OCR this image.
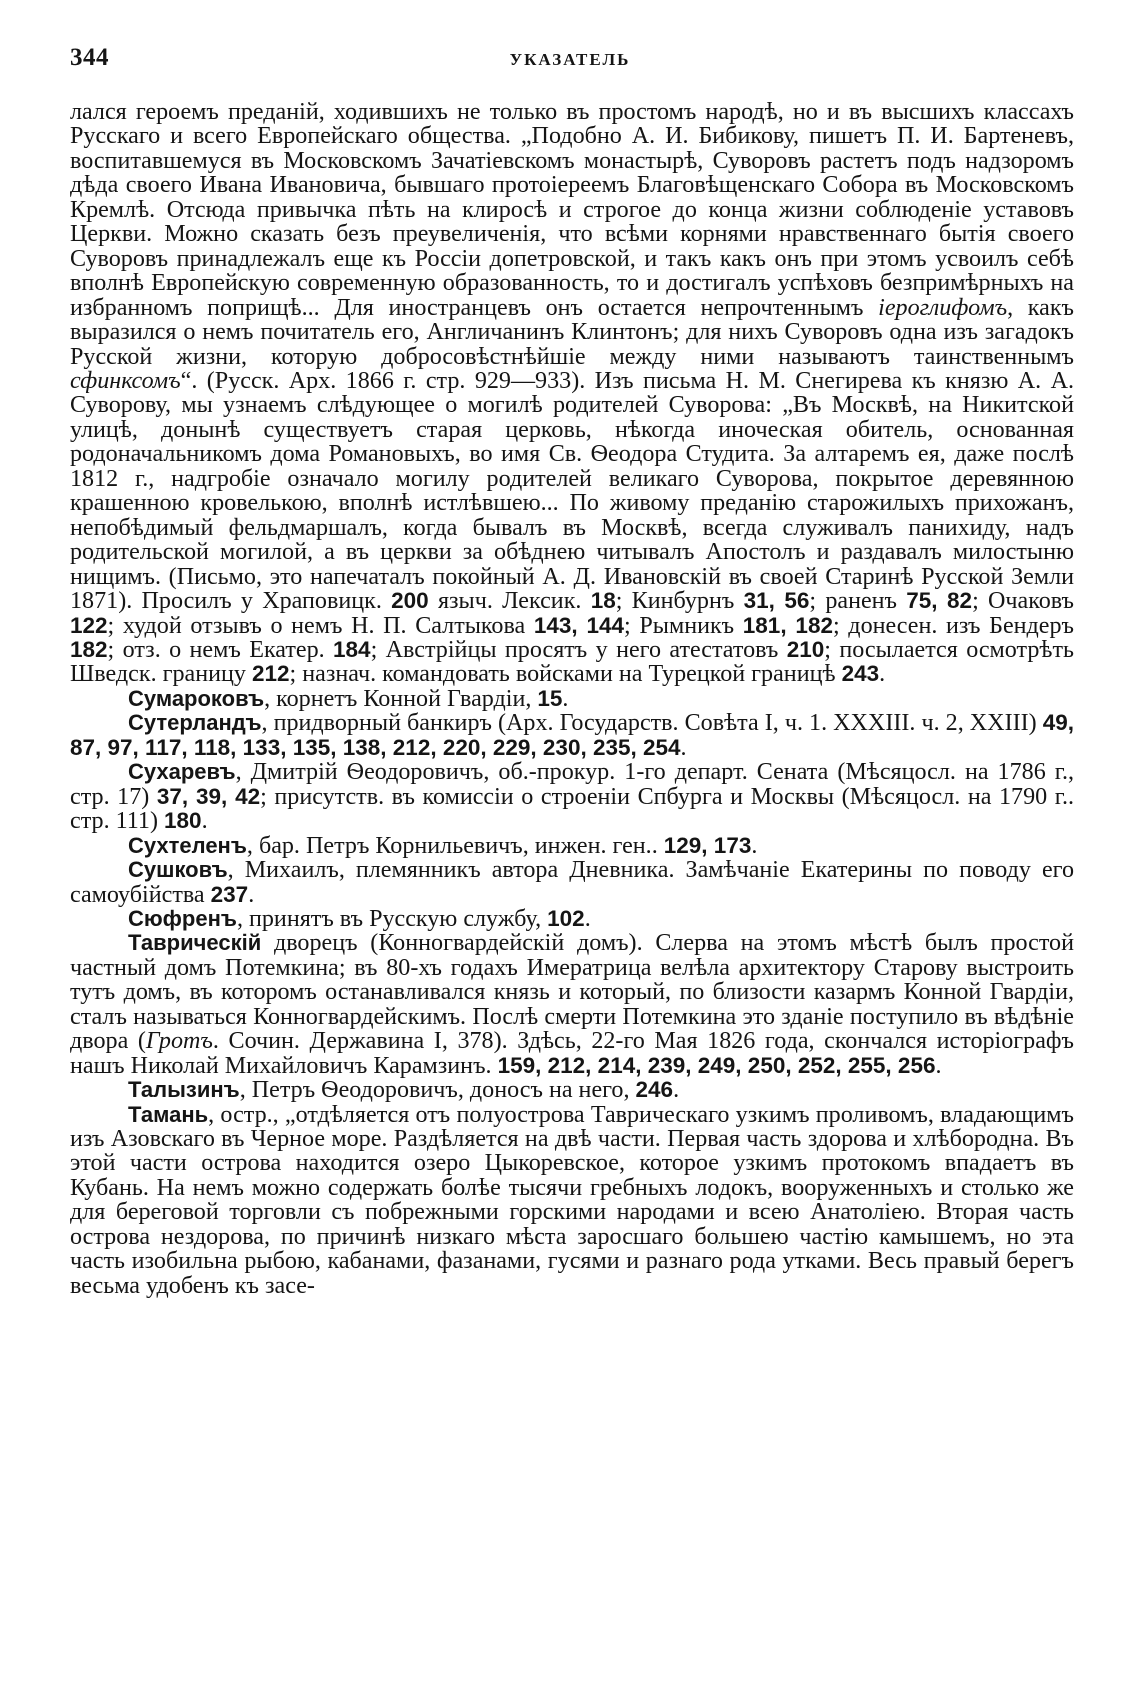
344	УКАЗАТЕЛЬ

лался героемъ преданій, ходившихъ не только въ простомъ народѣ, но и въ высшихъ классахъ Русскаго и всего Европейскаго общества. „Подобно А. И. Бибикову, пишетъ П. И. Бартеневъ, воспитавшемуся въ Московскомъ Зачатіевскомъ монастырѣ, Суворовъ растетъ подъ надзоромъ дѣда своего Ивана Ивановича, бывшаго протоіереемъ Благовѣщенскаго Собора въ Московскомъ Кремлѣ. Отсюда привычка пѣть на клиросѣ и строгое до конца жизни соблюденіе уставовъ Церкви. Можно сказать безъ преувеличенія, что всѣми корнями нравственнаго бытія своего Суворовъ принадлежалъ еще къ Россіи допетровской, и такъ какъ онъ при этомъ усвоилъ себѣ вполнѣ Европейскую современную образованность, то и достигалъ успѣховъ безпримѣрныхъ на избранномъ поприщѣ... Для иностранцевъ онъ остается непрочтеннымъ іероглифомъ, какъ выразился о немъ почитатель его, Англичанинъ Клинтонъ; для нихъ Суворовъ одна изъ загадокъ Русской жизни, которую добросовѣстнѣйшіе между ними называютъ таинственнымъ сфинксомъ“. (Русск. Арх. 1866 г. стр. 929—933). Изъ письма Н. М. Снегирева къ князю А. А. Суворову, мы узнаемъ слѣдующее о могилѣ родителей Суворова: „Въ Москвѣ, на Никитской улицѣ, донынѣ существуетъ старая церковь, нѣкогда иноческая обитель, основанная родоначальникомъ дома Романовыхъ, во имя Св. Ѳеодора Студита. За алтаремъ ея, даже послѣ 1812 г., надгробіе означало могилу родителей великаго Суворова, покрытое деревянною крашенною кровелькою, вполнѣ истлѣвшею... По живому преданію старожилыхъ прихожанъ, непобѣдимый фельдмаршалъ, когда бывалъ въ Москвѣ, всегда служивалъ панихиду, надъ родительской могилой, а въ церкви за обѣднею читывалъ Апостолъ и раздавалъ милостыню нищимъ. (Письмо, это напечаталъ покойный А. Д. Ивановскій въ своей Старинѣ Русской Земли 1871). Просилъ у Храповицк. 200 языч. Лексик. 18; Кинбурнъ 31, 56; раненъ 75, 82; Очаковъ 122; худой отзывъ о немъ Н. П. Салтыкова 143, 144; Рымникъ 181, 182; донесен. изъ Бендеръ 182; отз. о немъ Екатер. 184; Австрійцы просятъ у него атестатовъ 210; посылается осмотрѣть Шведск. границу 212; назнач. командовать войсками на Турецкой границѣ 243.

Сумароковъ, корнетъ Конной Гвардіи, 15.

Сутерландъ, придворный банкиръ (Арх. Государств. Совѣта I, ч. 1. XXXIII. ч. 2, XXIII) 49, 87, 97, 117, 118, 133, 135, 138, 212, 220, 229, 230, 235, 254.

Сухаревъ, Дмитрій Ѳеодоровичъ, об.-прокур. 1-го департ. Сената (Мѣсяцосл. на 1786 г., стр. 17) 37, 39, 42; присутств. въ комиссіи о строеніи Спбурга и Москвы (Мѣсяцосл. на 1790 г.. стр. 111) 180.

Сухтеленъ, бар. Петръ Корнильевичъ, инжен. ген.. 129, 173.

Сушковъ, Михаилъ, племянникъ автора Дневника. Замѣчаніе Екатерины по поводу его самоубійства 237.

Сюфренъ, принятъ въ Русскую службу, 102.

Таврическій дворецъ (Конногвардейскій домъ). Слерва на этомъ мѣстѣ былъ простой частный домъ Потемкина; въ 80-хъ годахъ Имератрица велѣла архитектору Старову выстроить тутъ домъ, въ которомъ останавливался князь и который, по близости казармъ Конной Гвардіи, сталъ называться Конногвардейскимъ. Послѣ смерти Потемкина это зданіе поступило въ вѣдѣніе двора (Гротъ. Сочин. Державина I, 378). Здѣсь, 22-го Мая 1826 года, скончался исторіографъ нашъ Николай Михайловичъ Карамзинъ. 159, 212, 214, 239, 249, 250, 252, 255, 256.

Талызинъ, Петръ Ѳеодоровичъ, доносъ на него, 246.

Тамань, остр., „отдѣляется отъ полуострова Таврическаго узкимъ проливомъ, владающимъ изъ Азовскаго въ Черное море. Раздѣляется на двѣ части. Первая часть здорова и хлѣбородна. Въ этой части острова находится озеро Цыкоревское, которое узкимъ протокомъ впадаетъ въ Кубань. На немъ можно содержать болѣе тысячи гребныхъ лодокъ, вооруженныхъ и столько же для береговой торговли съ побрежными горскими народами и всею Анатоліею. Вторая часть острова нездорова, по причинѣ низкаго мѣста заросшаго большею частію камышемъ, но эта часть изобильна рыбою, кабанами, фазанами, гусями и разнаго рода утками. Весь правый берегъ весьма удобенъ къ засе-
